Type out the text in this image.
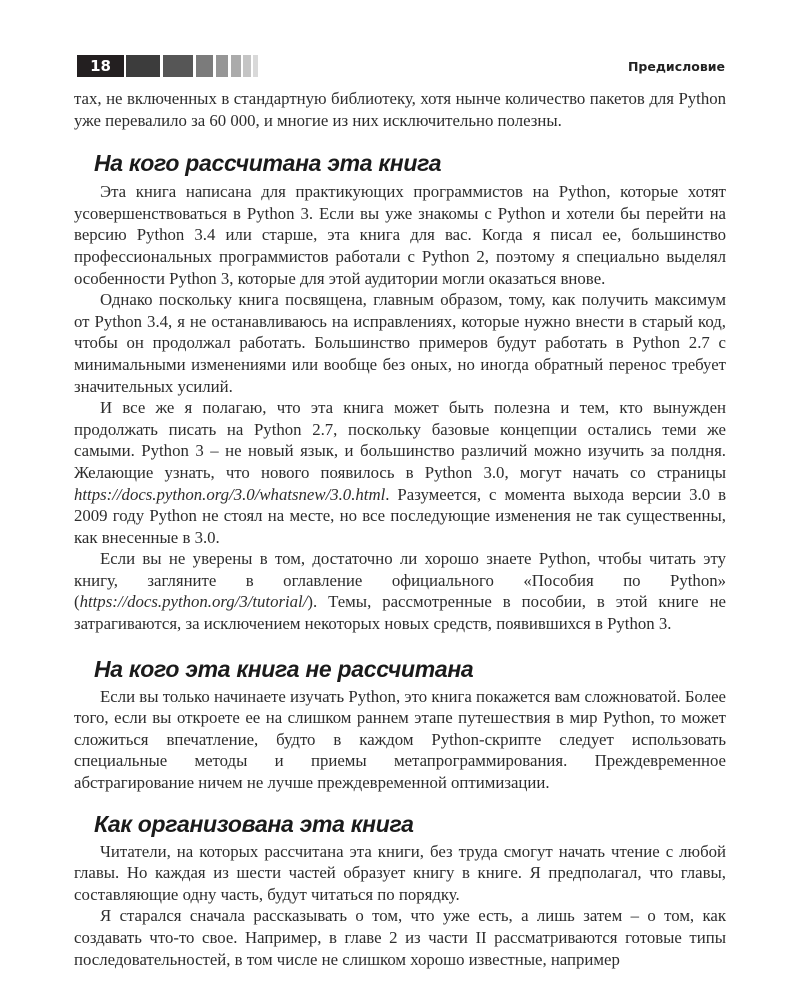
18	Предисловие

тах, не включенных в стандартную библиотеку, хотя нынче количество пакетов для Python уже перевалило за 60 000, и многие из них исключительно полезны.

На кого рассчитана эта книга

Эта книга написана для практикующих программистов на Python, которые хотят усовершенствоваться в Python 3. Если вы уже знакомы с Python и хотели бы перейти на версию Python 3.4 или старше, эта книга для вас. Когда я писал ее, большинство профессиональных программистов работали с Python 2, поэтому я специально выделял особенности Python 3, которые для этой аудитории могли оказаться вновe.

Однако поскольку книга посвящена, главным образом, тому, как получить максимум от Python 3.4, я не останавливаюсь на исправлениях, которые нужно внести в старый код, чтобы он продолжал работать. Большинство примеров будут работать в Python 2.7 с минимальными изменениями или вообще без оных, но иногда обратный перенос требует значительных усилий.

И все же я полагаю, что эта книга может быть полезна и тем, кто вынужден продолжать писать на Python 2.7, поскольку базовые концепции остались теми же самыми. Python 3 – не новый язык, и большинство различий можно изучить за полдня. Желающие узнать, что нового появилось в Python 3.0, могут начать со страницы https://docs.python.org/3.0/whatsnew/3.0.html. Разумеется, с момента выхода версии 3.0 в 2009 году Python не стоял на месте, но все последующие изменения не так существенны, как внесенные в 3.0.

Если вы не уверены в том, достаточно ли хорошо знаете Python, чтобы читать эту книгу, загляните в оглавление официального «Пособия по Python» (https://docs.python.org/3/tutorial/). Темы, рассмотренные в пособии, в этой книге не затрагиваются, за исключением некоторых новых средств, появившихся в Python 3.

На кого эта книга не рассчитана

Если вы только начинаете изучать Python, это книга покажется вам сложноватой. Более того, если вы откроете ее на слишком раннем этапе путешествия в мир Python, то может сложиться впечатление, будто в каждом Python-скрипте следует использовать специальные методы и приемы метапрограммирования. Преждевременное абстрагирование ничем не лучше преждевременной оптимизации.

Как организована эта книга

Читатели, на которых рассчитана эта книги, без труда смогут начать чтение с любой главы. Но каждая из шести частей образует книгу в книге. Я предполагал, что главы, составляющие одну часть, будут читаться по порядку.

Я старался сначала рассказывать о том, что уже есть, а лишь затем – о том, как создавать что-то свое. Например, в главе 2 из части II рассматриваются готовые типы последовательностей, в том числе не слишком хорошо известные, например
